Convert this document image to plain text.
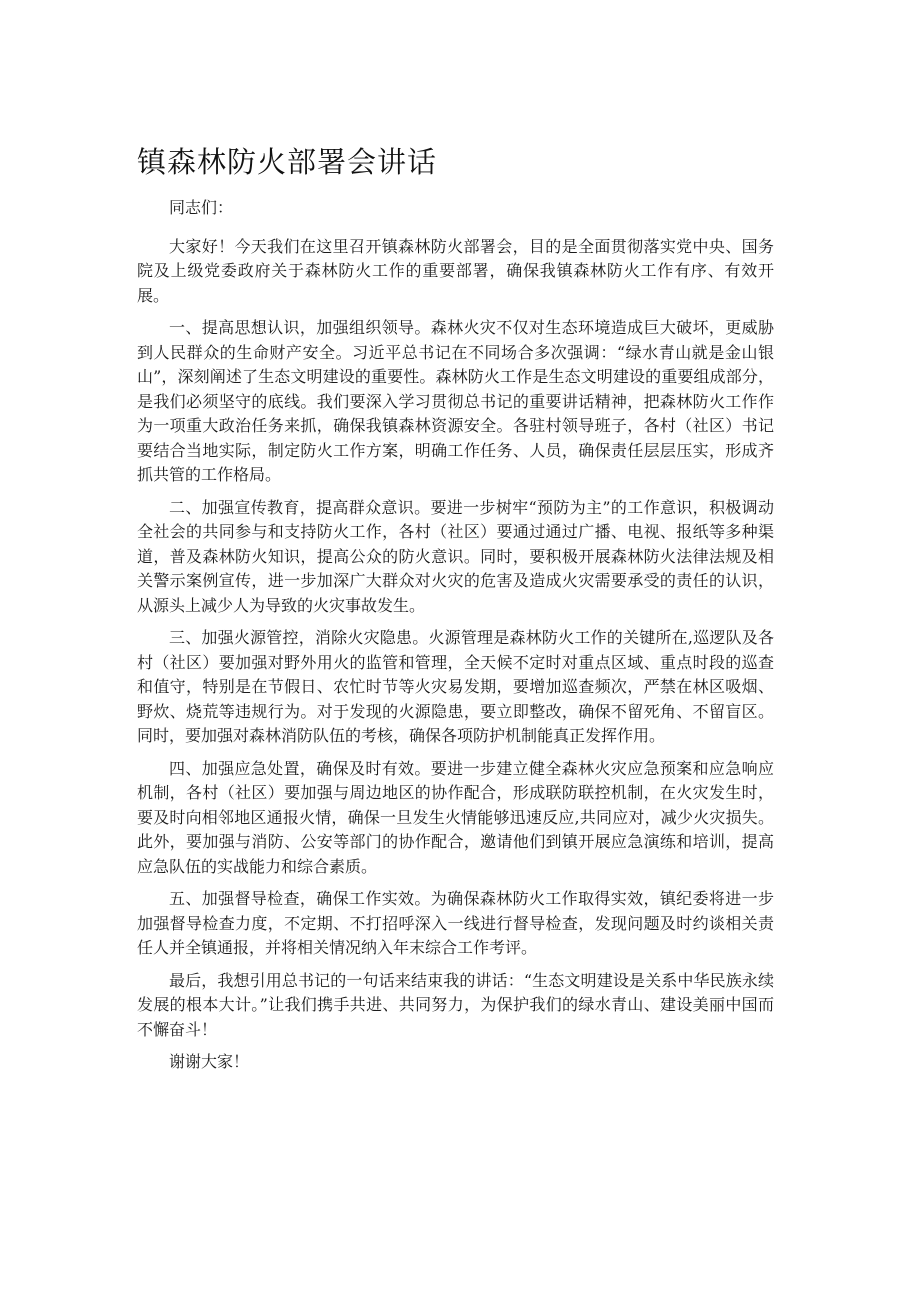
镇森林防火部署会讲话

同志们：

大家好！今天我们在这里召开镇森林防火部署会，目的是全面贯彻落实党中央、国务院及上级党委政府关于森林防火工作的重要部署，确保我镇森林防火工作有序、有效开展。

一、提高思想认识，加强组织领导。森林火灾不仅对生态环境造成巨大破坏，更威胁到人民群众的生命财产安全。习近平总书记在不同场合多次强调：“绿水青山就是金山银山”，深刻阐述了生态文明建设的重要性。森林防火工作是生态文明建设的重要组成部分，是我们必须坚守的底线。我们要深入学习贯彻总书记的重要讲话精神，把森林防火工作作为一项重大政治任务来抓，确保我镇森林资源安全。各驻村领导班子，各村（社区）书记要结合当地实际，制定防火工作方案，明确工作任务、人员，确保责任层层压实，形成齐抓共管的工作格局。

二、加强宣传教育，提高群众意识。要进一步树牢“预防为主”的工作意识，积极调动全社会的共同参与和支持防火工作，各村（社区）要通过通过广播、电视、报纸等多种渠道，普及森林防火知识，提高公众的防火意识。同时，要积极开展森林防火法律法规及相关警示案例宣传，进一步加深广大群众对火灾的危害及造成火灾需要承受的责任的认识，从源头上减少人为导致的火灾事故发生。

三、加强火源管控，消除火灾隐患。火源管理是森林防火工作的关键所在,巡逻队及各村（社区）要加强对野外用火的监管和管理，全天候不定时对重点区域、重点时段的巡查和值守，特别是在节假日、农忙时节等火灾易发期，要增加巡查频次，严禁在林区吸烟、野炊、烧荒等违规行为。对于发现的火源隐患，要立即整改，确保不留死角、不留盲区。同时，要加强对森林消防队伍的考核，确保各项防护机制能真正发挥作用。

四、加强应急处置，确保及时有效。要进一步建立健全森林火灾应急预案和应急响应机制，各村（社区）要加强与周边地区的协作配合，形成联防联控机制，在火灾发生时，要及时向相邻地区通报火情，确保一旦发生火情能够迅速反应,共同应对，减少火灾损失。此外，要加强与消防、公安等部门的协作配合，邀请他们到镇开展应急演练和培训，提高应急队伍的实战能力和综合素质。

五、加强督导检查，确保工作实效。为确保森林防火工作取得实效，镇纪委将进一步加强督导检查力度，不定期、不打招呼深入一线进行督导检查，发现问题及时约谈相关责任人并全镇通报，并将相关情况纳入年末综合工作考评。

最后，我想引用总书记的一句话来结束我的讲话：“生态文明建设是关系中华民族永续发展的根本大计。”让我们携手共进、共同努力，为保护我们的绿水青山、建设美丽中国而不懈奋斗！

谢谢大家！
